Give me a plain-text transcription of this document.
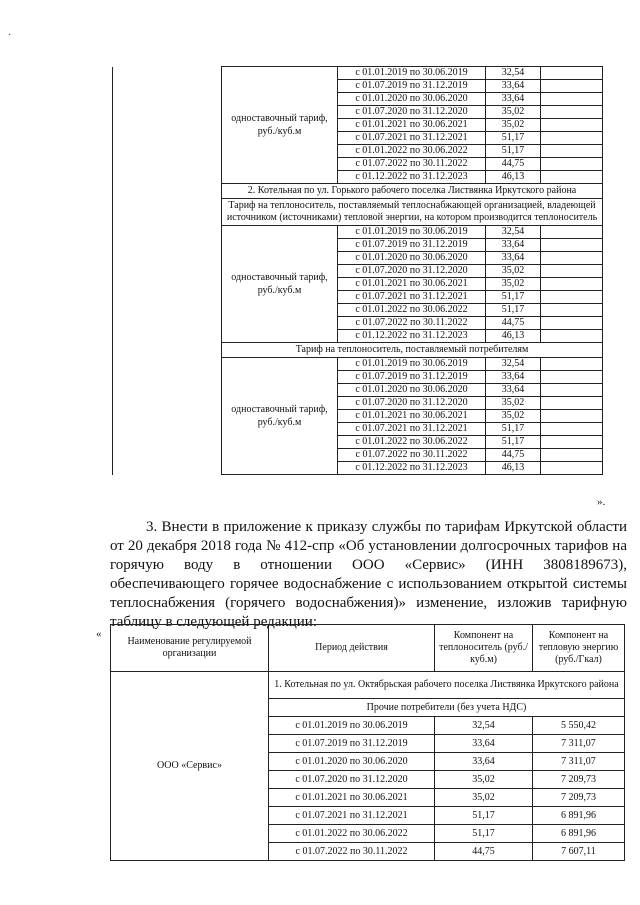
·
	одноставочный тариф, руб./куб.м	с 01.01.2019 по 30.06.2019	32,54	
		с 01.07.2019 по 31.12.2019	33,64	
		с 01.01.2020 по 30.06.2020	33,64	
		с 01.07.2020 по 31.12.2020	35,02	
		с 01.01.2021 по 30.06.2021	35,02	
		с 01.07.2021 по 31.12.2021	51,17	
		с 01.01.2022 по 30.06.2022	51,17	
		с 01.07.2022 по 30.11.2022	44,75	
		с 01.12.2022 по 31.12.2023	46,13	
	2. Котельная по ул. Горького рабочего поселка Листвянка Иркутского района			
	Тариф на теплоноситель, поставляемый теплоснабжающей организацией, владеющей источником (источниками) тепловой энергии, на котором производится теплоноситель			
	одноставочный тариф, руб./куб.м	с 01.01.2019 по 30.06.2019	32,54	
		с 01.07.2019 по 31.12.2019	33,64	
		с 01.01.2020 по 30.06.2020	33,64	
		с 01.07.2020 по 31.12.2020	35,02	
		с 01.01.2021 по 30.06.2021	35,02	
		с 01.07.2021 по 31.12.2021	51,17	
		с 01.01.2022 по 30.06.2022	51,17	
		с 01.07.2022 по 30.11.2022	44,75	
		с 01.12.2022 по 31.12.2023	46,13	
	Тариф на теплоноситель, поставляемый потребителям			
	одноставочный тариф, руб./куб.м	с 01.01.2019 по 30.06.2019	32,54	
		с 01.07.2019 по 31.12.2019	33,64	
		с 01.01.2020 по 30.06.2020	33,64	
		с 01.07.2020 по 31.12.2020	35,02	
		с 01.01.2021 по 30.06.2021	35,02	
		с 01.07.2021 по 31.12.2021	51,17	
		с 01.01.2022 по 30.06.2022	51,17	
		с 01.07.2022 по 30.11.2022	44,75	
		с 01.12.2022 по 31.12.2023	46,13	
».

3. Внести в приложение к приказу службы по тарифам Иркутской области от 20 декабря 2018 года № 412-спр «Об установлении долгосрочных тарифов на горячую воду в отношении ООО «Сервис» (ИНН 3808189673), обеспечивающего горячее водоснабжение с использованием открытой системы теплоснабжения (горячего водоснабжения)» изменение, изложив тарифную таблицу в следующей редакции:

«
Наименование регулируемой организации	Период действия	Компонент на теплоноситель (руб./куб.м)	Компонент на тепловую энергию (руб./Гкал)
ООО «Сервис»	1. Котельная по ул. Октябрьская рабочего поселка Листвянка Иркутского района		
	Прочие потребители (без учета НДС)		
	с 01.01.2019 по 30.06.2019	32,54	5 550,42
	с 01.07.2019 по 31.12.2019	33,64	7 311,07
	с 01.01.2020 по 30.06.2020	33,64	7 311,07
	с 01.07.2020 по 31.12.2020	35,02	7 209,73
	с 01.01.2021 по 30.06.2021	35,02	7 209,73
	с 01.07.2021 по 31.12.2021	51,17	6 891,96
	с 01.01.2022 по 30.06.2022	51,17	6 891,96
	с 01.07.2022 по 30.11.2022	44,75	7 607,11
